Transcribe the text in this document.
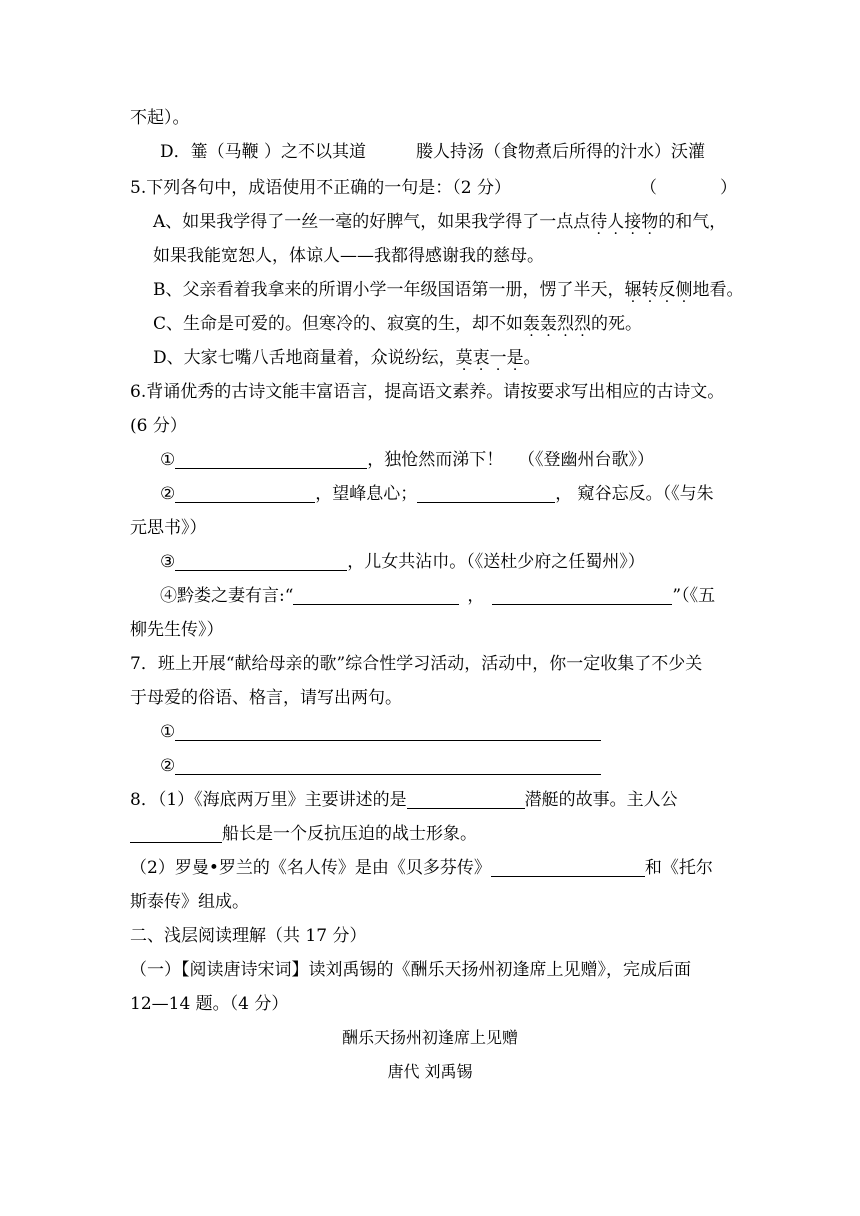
不起）。
D．箠（马鞭 ）之不以其道	媵人持汤（食物煮后所得的汁水）沃灌
5.下列各句中，成语使用不正确的一句是：（2 分）	（	）
A、如果我学得了一丝一毫的好脾气，如果我学得了一点点待人接物的和气，
如果我能宽恕人，体谅人——我都得感谢我的慈母。
B、父亲看着我拿来的所谓小学一年级国语第一册，愣了半天，辗转反侧地看。
C、生命是可爱的。但寒冷的、寂寞的生，却不如轰轰烈烈的死。
D、大家七嘴八舌地商量着，众说纷纭，莫衷一是。
6.背诵优秀的古诗文能丰富语言，提高语文素养。请按要求写出相应的古诗文。
(6 分）
①	，独怆然而涕下！ （《登幽州台歌》）
②	，望峰息心；	， 窥谷忘反。（《与朱
元思书》）
③	，儿女共沾巾。（《送杜少府之任蜀州》）
④黔娄之妻有言:“	，	”（《五
柳先生传》）
7．班上开展“献给母亲的歌”综合性学习活动，活动中，你一定收集了不少关
于母爱的俗语、格言，请写出两句。
①
②
8．（1）《海底两万里》主要讲述的是	潜艇的故事。主人公
船长是一个反抗压迫的战士形象。
（2）罗曼•罗兰的《名人传》是由《贝多芬传》	和《托尔
斯泰传》组成。
二、浅层阅读理解（共 17 分）
（一）【阅读唐诗宋词】读刘禹锡的《酬乐天扬州初逢席上见赠》，完成后面
12—14 题。（4 分）
酬乐天扬州初逢席上见赠
唐代 刘禹锡
